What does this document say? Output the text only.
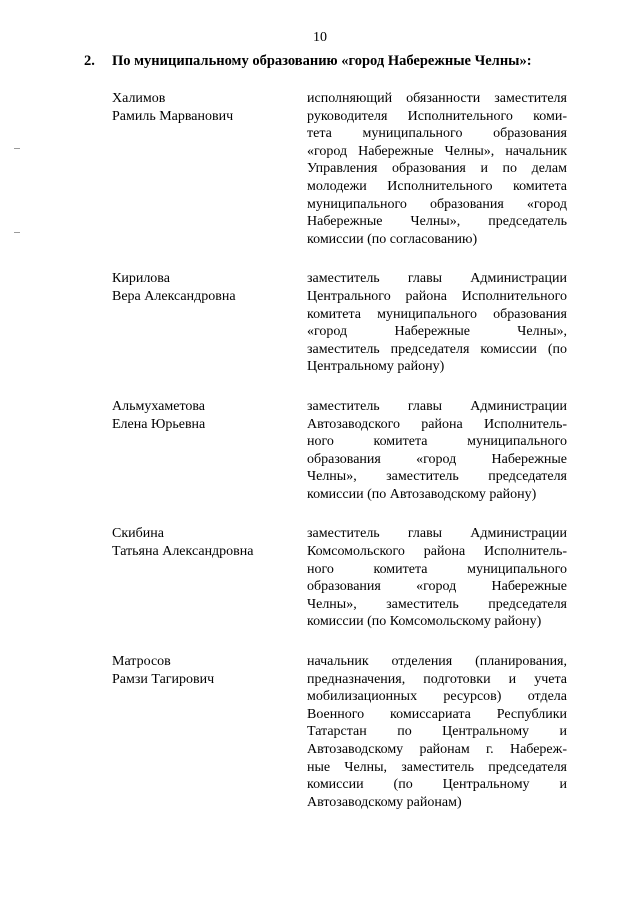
10
2. По муниципальному образованию «город Набережные Челны»:
Халимов
Рамиль Марванович
исполняющий обязанности заместителя
руководителя Исполнительного коми-
тета муниципального образования
«город Набережные Челны», начальник
Управления образования и по делам
молодежи Исполнительного комитета
муниципального образования «город
Набережные Челны», председатель
комиссии (по согласованию)
Кирилова
Вера Александровна
заместитель главы Администрации
Центрального района Исполнительного
комитета муниципального образования
«город Набережные Челны»,
заместитель председателя комиссии (по
Центральному району)
Альмухаметова
Елена Юрьевна
заместитель главы Администрации
Автозаводского района Исполнитель-
ного комитета муниципального
образования «город Набережные
Челны», заместитель председателя
комиссии (по Автозаводскому району)
Скибина
Татьяна Александровна
заместитель главы Администрации
Комсомольского района Исполнитель-
ного комитета муниципального
образования «город Набережные
Челны», заместитель председателя
комиссии (по Комсомольскому району)
Матросов
Рамзи Тагирович
начальник отделения (планирования,
предназначения, подготовки и учета
мобилизационных ресурсов) отдела
Военного комиссариата Республики
Татарстан по Центральному и
Автозаводскому районам г. Набереж-
ные Челны, заместитель председателя
комиссии (по Центральному и
Автозаводскому районам)
